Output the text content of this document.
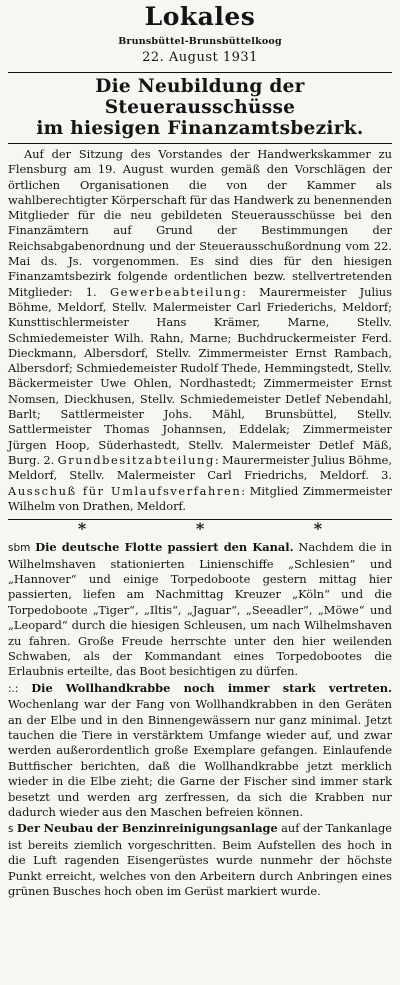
Lokales
Brunsbüttel-Brunsbüttelkoog
22. August 1931
Die Neubildung der Steuerausschüsse
im hiesigen Finanzamtsbezirk.

Auf der Sitzung des Vorstandes der Handwerkskammer zu Flensburg am 19. August wurden gemäß den Vorschlägen der örtlichen Organisationen die von der Kammer als wahlberechtigter Körperschaft für das Handwerk zu benennenden Mitglieder für die neu gebildeten Steuerausschüsse bei den Finanzämtern auf Grund der Bestimmungen der Reichsabgabenordnung und der Steuerausschußordnung vom 22. Mai ds. Js. vorgenommen. Es sind dies für den hiesigen Finanzamtsbezirk folgende ordentlichen bezw. stellvertretenden Mitglieder: 1. Gewerbeabteilung: Maurermeister Julius Böhme, Meldorf, Stellv. Malermeister Carl Friederichs, Meldorf; Kunsttischlermeister Hans Krämer, Marne, Stellv. Schmiedemeister Wilh. Rahn, Marne; Buchdruckermeister Ferd. Dieckmann, Albersdorf, Stellv. Zimmermeister Ernst Rambach, Albersdorf; Schmiedemeister Rudolf Thede, Hemmingstedt, Stellv. Bäckermeister Uwe Ohlen, Nordhastedt; Zimmermeister Ernst Nomsen, Dieckhusen, Stellv. Schmiedemeister Detlef Nebendahl, Barlt; Sattlermeister Johs. Mähl, Brunsbüttel, Stellv. Sattlermeister Thomas Johannsen, Eddelak; Zimmermeister Jürgen Hoop, Süderhastedt, Stellv. Malermeister Detlef Mäß, Burg. 2. Grundbesitzabteilung: Maurermeister Julius Böhme, Meldorf, Stellv. Malermeister Carl Friedrichs, Meldorf. 3. Ausschuß für Umlaufsverfahren: Mitglied Zimmermeister Wilhelm von Drathen, Meldorf.

* * *

sbm Die deutsche Flotte passiert den Kanal. Nachdem die in Wilhelmshaven stationierten Linienschiffe „Schlesien“ und „Hannover“ und einige Torpedoboote gestern mittag hier passierten, liefen am Nachmittag Kreuzer „Köln“ und die Torpedoboote „Tiger“, „Iltis“, „Jaguar“, „Seeadler“, „Möwe“ und „Leopard“ durch die hiesigen Schleusen, um nach Wilhelmshaven zu fahren. Große Freude herrschte unter den hier weilenden Schwaben, als der Kommandant eines Torpedobootes die Erlaubnis erteilte, das Boot besichtigen zu dürfen.

:.: Die Wollhandkrabbe noch immer stark vertreten. Wochenlang war der Fang von Wollhandkrabben in den Geräten an der Elbe und in den Binnengewässern nur ganz minimal. Jetzt tauchen die Tiere in verstärktem Umfange wieder auf, und zwar werden außerordentlich große Exemplare gefangen. Einlaufende Buttfischer berichten, daß die Wollhandkrabbe jetzt merklich wieder in die Elbe zieht; die Garne der Fischer sind immer stark besetzt und werden arg zerfressen, da sich die Krabben nur dadurch wieder aus den Maschen befreien können.

s Der Neubau der Benzinreinigungsanlage auf der Tankanlage ist bereits ziemlich vorgeschritten. Beim Aufstellen des hoch in die Luft ragenden Eisengerüstes wurde nunmehr der höchste Punkt erreicht, welches von den Arbeitern durch Anbringen eines grünen Busches hoch oben im Gerüst markiert wurde.
